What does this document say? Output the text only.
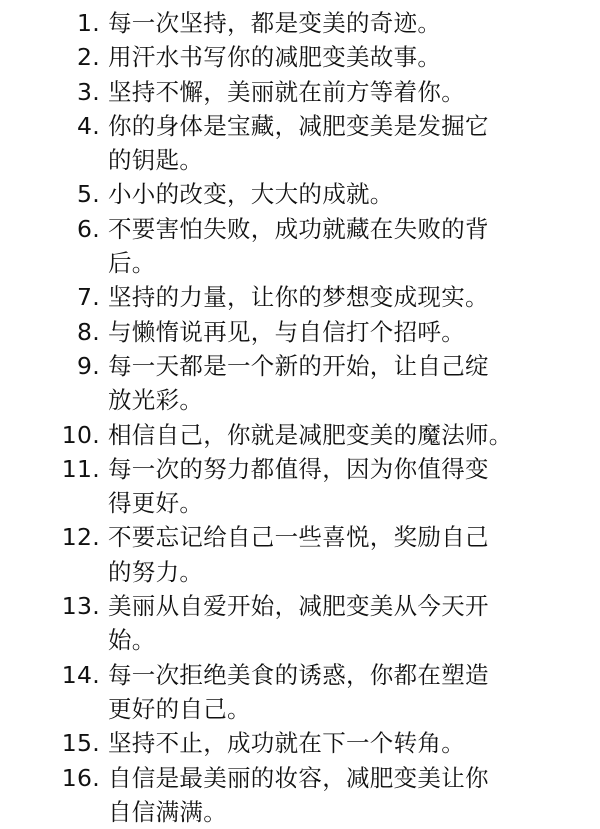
1. 每一次坚持，都是变美的奇迹。
2. 用汗水书写你的减肥变美故事。
3. 坚持不懈，美丽就在前方等着你。
4. 你的身体是宝藏，减肥变美是发掘它
的钥匙。
5. 小小的改变，大大的成就。
6. 不要害怕失败，成功就藏在失败的背
后。
7. 坚持的力量，让你的梦想变成现实。
8. 与懒惰说再见，与自信打个招呼。
9. 每一天都是一个新的开始，让自己绽
放光彩。
10. 相信自己，你就是减肥变美的魔法师。
11. 每一次的努力都值得，因为你值得变
得更好。
12. 不要忘记给自己一些喜悦，奖励自己
的努力。
13. 美丽从自爱开始，减肥变美从今天开
始。
14. 每一次拒绝美食的诱惑，你都在塑造
更好的自己。
15. 坚持不止，成功就在下一个转角。
16. 自信是最美丽的妆容，减肥变美让你
自信满满。
